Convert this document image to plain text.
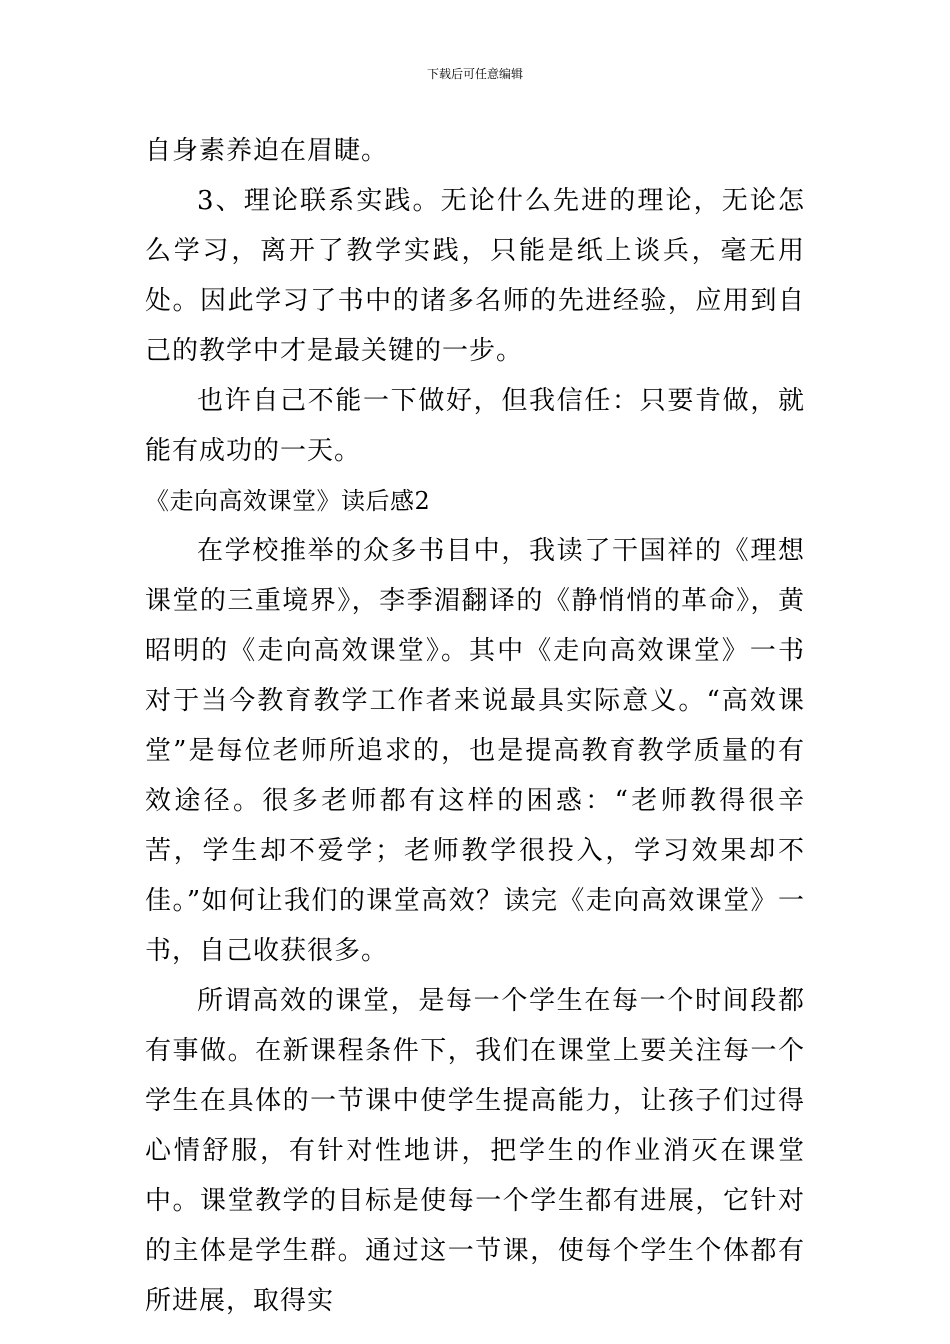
下载后可任意编辑

自身素养迫在眉睫。

3、理论联系实践。无论什么先进的理论，无论怎么学习，离开了教学实践，只能是纸上谈兵，毫无用处。因此学习了书中的诸多名师的先进经验，应用到自己的教学中才是最关键的一步。

也许自己不能一下做好，但我信任：只要肯做，就能有成功的一天。

《走向高效课堂》读后感2

在学校推举的众多书目中，我读了干国祥的《理想课堂的三重境界》，李季湄翻译的《静悄悄的革命》，黄昭明的《走向高效课堂》。其中《走向高效课堂》一书对于当今教育教学工作者来说最具实际意义。“高效课堂”是每位老师所追求的，也是提高教育教学质量的有效途径。很多老师都有这样的困惑：“老师教得很辛苦，学生却不爱学；老师教学很投入，学习效果却不佳。”如何让我们的课堂高效？读完《走向高效课堂》一书，自己收获很多。

所谓高效的课堂，是每一个学生在每一个时间段都有事做。在新课程条件下，我们在课堂上要关注每一个学生在具体的一节课中使学生提高能力，让孩子们过得心情舒服，有针对性地讲，把学生的作业消灭在课堂中。课堂教学的目标是使每一个学生都有进展，它针对的主体是学生群。通过这一节课，使每个学生个体都有所进展，取得实
